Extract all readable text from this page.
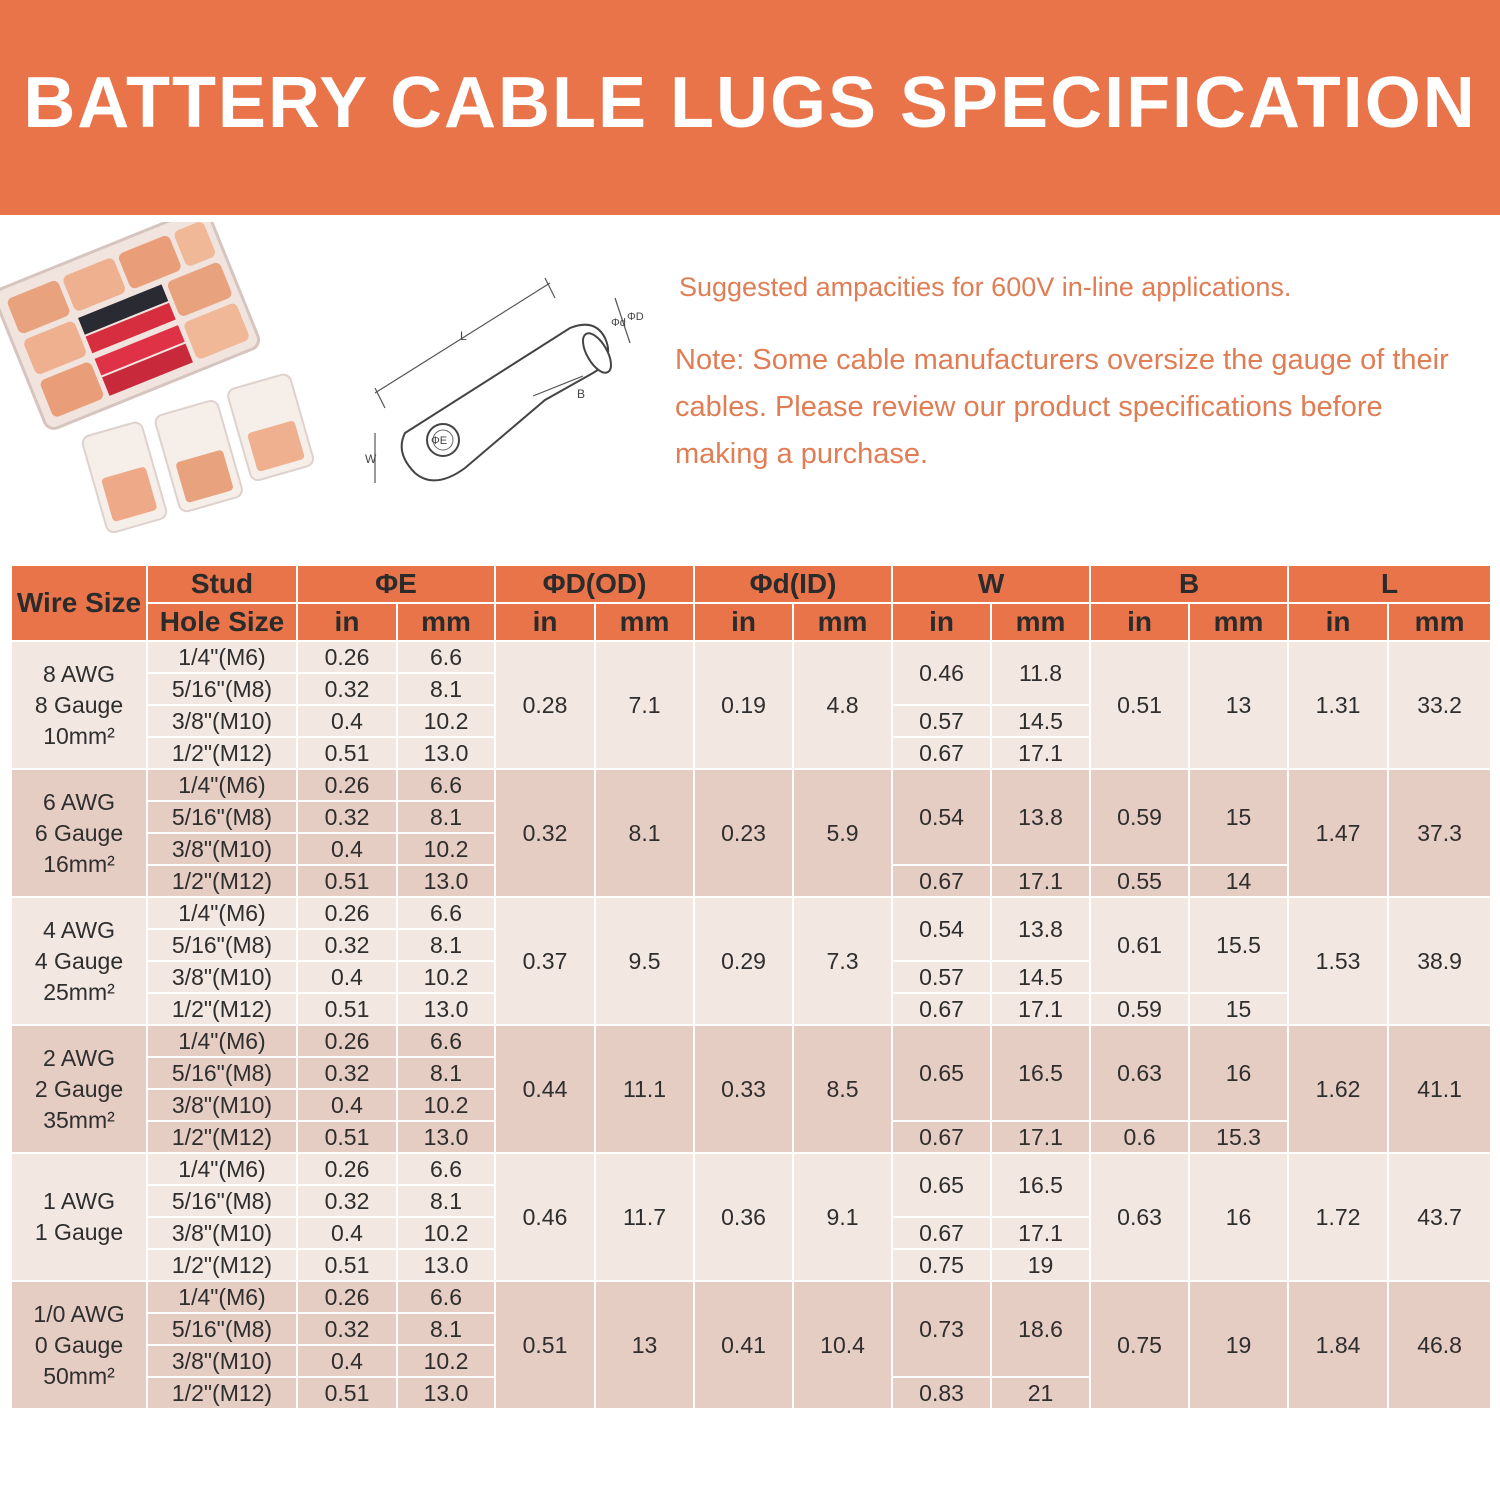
BATTERY CABLE LUGS SPECIFICATION
L
B
W
ΦE
ΦD
Φd

Suggested ampacities for 600V in-line applications.

Note: Some cable manufacturers oversize the gauge of their cables. Please review our product specifications before making a purchase.

Wire Size	Stud	ΦE		ΦD(OD)		Φd(ID)		W		B		L	
	Hole Size	in	mm	in	mm	in	mm	in	mm	in	mm	in	mm

8 AWG
8 Gauge
10mm²	1/4"(M6)	0.26	6.6	0.28	7.1	0.19	4.8	0.46	11.8	0.51	13	1.31	33.2
	5/16"(M8)	0.32	8.1										
	3/8"(M10)	0.4	10.2					0.57	14.5				
	1/2"(M12)	0.51	13.0					0.67	17.1				

6 AWG
6 Gauge
16mm²	1/4"(M6)	0.26	6.6	0.32	8.1	0.23	5.9	0.54	13.8	0.59	15	1.47	37.3
	5/16"(M8)	0.32	8.1										
	3/8"(M10)	0.4	10.2										
	1/2"(M12)	0.51	13.0					0.67	17.1	0.55	14		

4 AWG
4 Gauge
25mm²	1/4"(M6)	0.26	6.6	0.37	9.5	0.29	7.3	0.54	13.8	0.61	15.5	1.53	38.9
	5/16"(M8)	0.32	8.1										
	3/8"(M10)	0.4	10.2					0.57	14.5				
	1/2"(M12)	0.51	13.0					0.67	17.1	0.59	15		

2 AWG
2 Gauge
35mm²	1/4"(M6)	0.26	6.6	0.44	11.1	0.33	8.5	0.65	16.5	0.63	16	1.62	41.1
	5/16"(M8)	0.32	8.1										
	3/8"(M10)	0.4	10.2										
	1/2"(M12)	0.51	13.0					0.67	17.1	0.6	15.3		

1 AWG
1 Gauge	1/4"(M6)	0.26	6.6	0.46	11.7	0.36	9.1	0.65	16.5	0.63	16	1.72	43.7
	5/16"(M8)	0.32	8.1										
	3/8"(M10)	0.4	10.2					0.67	17.1				
	1/2"(M12)	0.51	13.0					0.75	19				

1/0 AWG
0 Gauge
50mm²	1/4"(M6)	0.26	6.6	0.51	13	0.41	10.4	0.73	18.6	0.75	19	1.84	46.8
	5/16"(M8)	0.32	8.1										
	3/8"(M10)	0.4	10.2										
	1/2"(M12)	0.51	13.0					0.83	21				
